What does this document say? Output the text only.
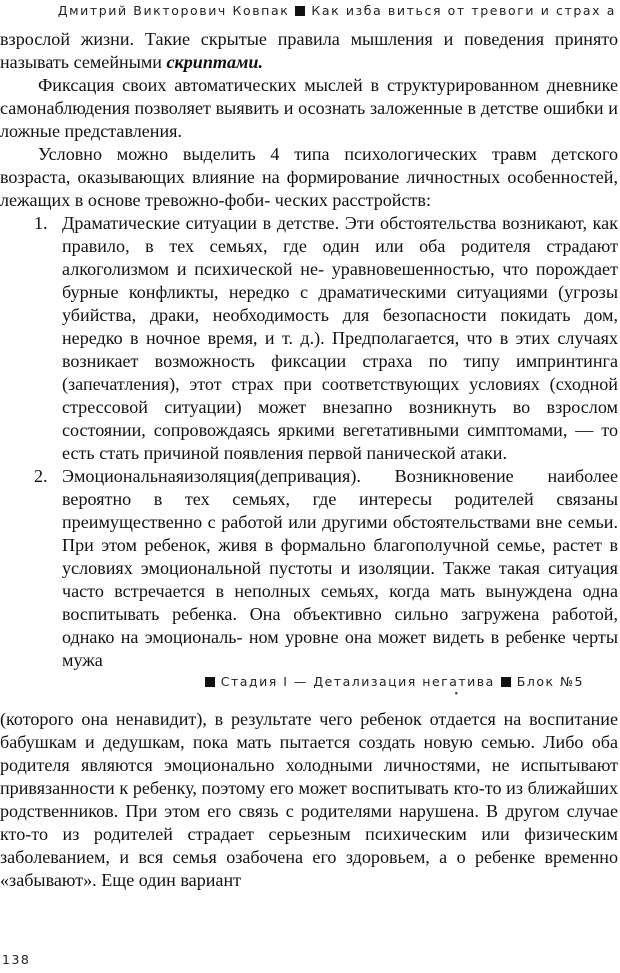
Дмитрий Викторович Ковпак Как изба виться от тревоги и страх а

взрослой жизни. Такие скрытые правила мышления и поведения принято называть семейными скриптами.

Фиксация своих автоматических мыслей в структурированном дневнике самонаблюдения позволяет выявить и осознать заложенные в детстве ошибки и ложные представления.

Условно можно выделить 4 типа психологических травм детского возраста, оказывающих влияние на формирование личностных особенностей, лежащих в основе тревожно-фоби- ческих расстройств:

1. Драматические ситуации в детстве. Эти обстоятельства возникают, как правило, в тех семьях, где один или оба родителя страдают алкоголизмом и психической не- уравновешенностью, что порождает бурные конфликты, нередко с драматическими ситуациями (угрозы убийства, драки, необходимость для безопасности покидать дом, нередко в ночное время, и т. д.). Предполагается, что в этих случаях возникает возможность фиксации страха по типу импринтинга (запечатления), этот страх при соответствующих условиях (сходной стрессовой ситуации) может внезапно возникнуть во взрослом состоянии, сопровождаясь яркими вегетативными симптомами, — то есть стать причиной появления первой панической атаки.
2. Эмоциональнаяизоляция(депривация). Возникновение наиболее вероятно в тех семьях, где интересы родителей связаны преимущественно с работой или другими обстоятельствами вне семьи. При этом ребенок, живя в формально благополучной семье, растет в условиях эмоциональной пустоты и изоляции. Также такая ситуация часто встречается в неполных семьях, когда мать вынуждена одна воспитывать ребенка. Она объективно сильно загружена работой, однако на эмоциональ- ном уровне она может видеть в ребенке черты мужа
Стадия I — Детализация негатива Блок №5
•

(которого она ненавидит), в результате чего ребенок отдается на воспитание бабушкам и дедушкам, пока мать пытается создать новую семью. Либо оба родителя являются эмоционально холодными личностями, не испытывают привязанности к ребенку, поэтому его может воспитывать кто-то из ближайших родственников. При этом его связь с родителями нарушена. В другом случае кто-то из родителей страдает серьезным психическим или физическим заболеванием, и вся семья озабочена его здоровьем, а о ребенке временно «забывают». Еще один вариант

138
